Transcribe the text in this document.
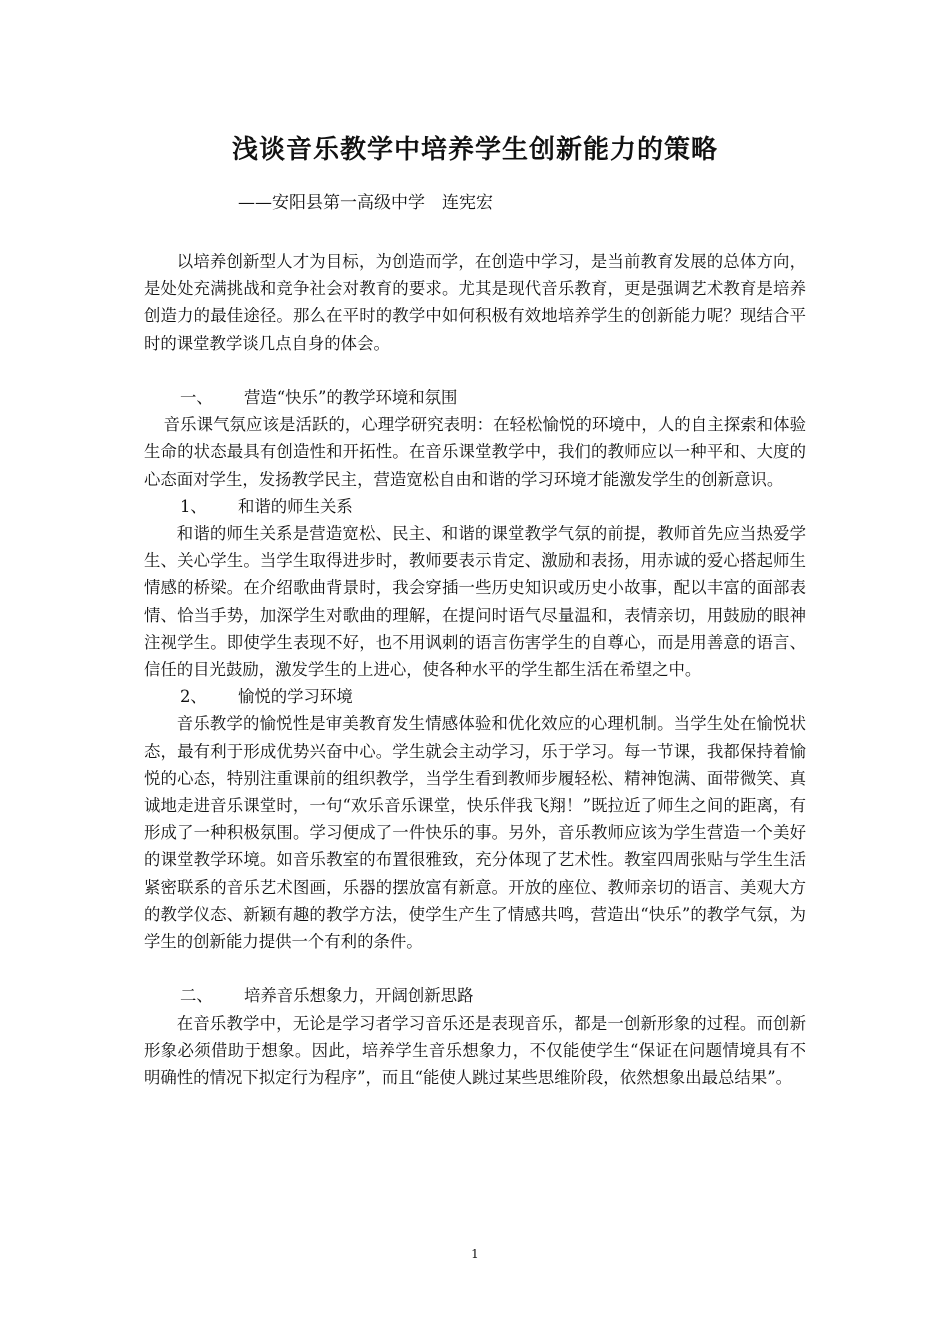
浅谈音乐教学中培养学生创新能力的策略
——安阳县第一高级中学　连宪宏

以培养创新型人才为目标，为创造而学，在创造中学习，是当前教育发展的总体方向，是处处充满挑战和竞争社会对教育的要求。尤其是现代音乐教育，更是强调艺术教育是培养创造力的最佳途径。那么在平时的教学中如何积极有效地培养学生的创新能力呢？现结合平时的课堂教学谈几点自身的体会。

一、 营造“快乐”的教学环境和氛围

音乐课气氛应该是活跃的，心理学研究表明：在轻松愉悦的环境中，人的自主探索和体验生命的状态最具有创造性和开拓性。在音乐课堂教学中，我们的教师应以一种平和、大度的心态面对学生，发扬教学民主，营造宽松自由和谐的学习环境才能激发学生的创新意识。

1、 和谐的师生关系

和谐的师生关系是营造宽松、民主、和谐的课堂教学气氛的前提，教师首先应当热爱学生、关心学生。当学生取得进步时，教师要表示肯定、激励和表扬，用赤诚的爱心搭起师生情感的桥梁。在介绍歌曲背景时，我会穿插一些历史知识或历史小故事，配以丰富的面部表情、恰当手势，加深学生对歌曲的理解，在提问时语气尽量温和，表情亲切，用鼓励的眼神注视学生。即使学生表现不好，也不用讽刺的语言伤害学生的自尊心，而是用善意的语言、信任的目光鼓励，激发学生的上进心，使各种水平的学生都生活在希望之中。

2、 愉悦的学习环境

音乐教学的愉悦性是审美教育发生情感体验和优化效应的心理机制。当学生处在愉悦状态，最有利于形成优势兴奋中心。学生就会主动学习，乐于学习。每一节课，我都保持着愉悦的心态，特别注重课前的组织教学，当学生看到教师步履轻松、精神饱满、面带微笑、真诚地走进音乐课堂时，一句“欢乐音乐课堂，快乐伴我飞翔！”既拉近了师生之间的距离，有形成了一种积极氛围。学习便成了一件快乐的事。另外，音乐教师应该为学生营造一个美好的课堂教学环境。如音乐教室的布置很雅致，充分体现了艺术性。教室四周张贴与学生生活紧密联系的音乐艺术图画，乐器的摆放富有新意。开放的座位、教师亲切的语言、美观大方的教学仪态、新颖有趣的教学方法，使学生产生了情感共鸣，营造出“快乐”的教学气氛，为学生的创新能力提供一个有利的条件。

二、 培养音乐想象力，开阔创新思路

在音乐教学中，无论是学习者学习音乐还是表现音乐，都是一创新形象的过程。而创新形象必须借助于想象。因此，培养学生音乐想象力，不仅能使学生“保证在问题情境具有不明确性的情况下拟定行为程序”，而且“能使人跳过某些思维阶段，依然想象出最总结果”。

1
